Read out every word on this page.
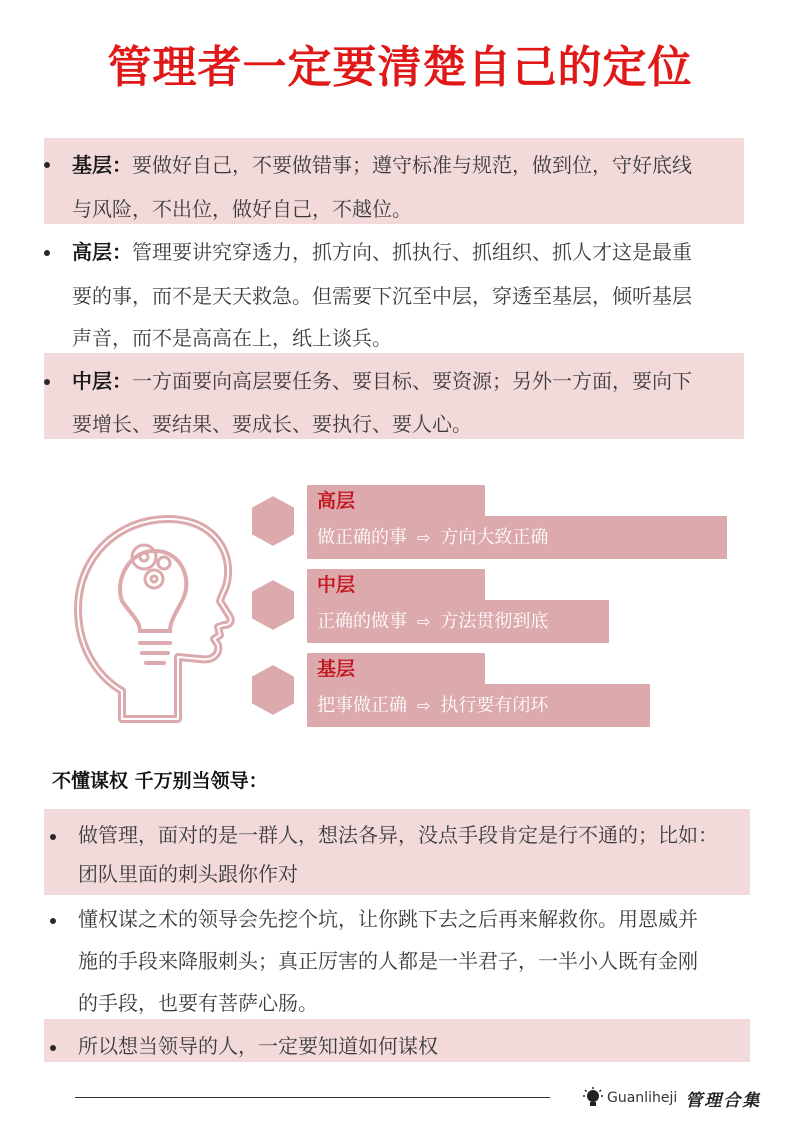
管理者一定要清楚自己的定位
基层：要做好自己，不要做错事；遵守标准与规范，做到位，守好底线
与风险，不出位，做好自己，不越位。
高层：管理要讲究穿透力，抓方向、抓执行、抓组织、抓人才这是最重
要的事，而不是天天救急。但需要下沉至中层，穿透至基层，倾听基层
声音，而不是高高在上，纸上谈兵。
中层：一方面要向高层要任务、要目标、要资源；另外一方面，要向下
要增长、要结果、要成长、要执行、要人心。
高层
做正确的事 ⇨ 方向大致正确
中层
正确的做事 ⇨ 方法贯彻到底
基层
把事做正确 ⇨ 执行要有闭环
不懂谋权 千万别当领导：
做管理，面对的是一群人，想法各异，没点手段肯定是行不通的；比如：
团队里面的刺头跟你作对
懂权谋之术的领导会先挖个坑，让你跳下去之后再来解救你。用恩威并
施的手段来降服刺头；真正厉害的人都是一半君子，一半小人既有金刚
的手段，也要有菩萨心肠。
所以想当领导的人，一定要知道如何谋权
Guanliheji 管理合集
